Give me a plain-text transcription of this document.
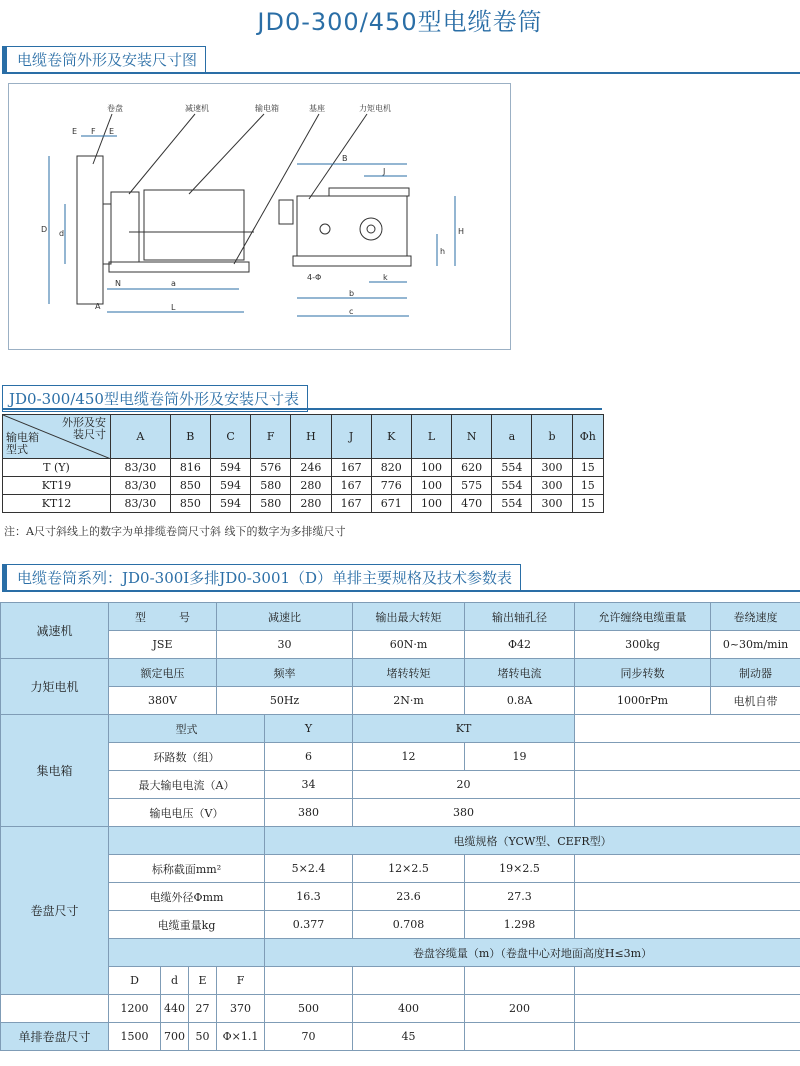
JD0-300/450型电缆卷筒
电缆卷筒外形及安装尺寸图
卷盘	减速机	输电箱	基座	力矩电机
E F E
D d
A
N	a
L
B
J
H
h
4-Φ	k
b
c
JD0-300/450型电缆卷筒外形及安装尺寸表
外形及安
装尺寸
输电箱
型式	A	B	C	F	H	J	K	L	N	a	b	Φh
T (Y)	83/30	816	594	576	246	167	820	100	620	554	300	15
KT19	83/30	850	594	580	280	167	776	100	575	554	300	15
KT12	83/30	850	594	580	280	167	671	100	470	554	300	15
注：A尺寸斜线上的数字为单排缆卷筒尺寸斜 线下的数字为多排缆尺寸
电缆卷筒系列：JD0-300Ⅰ多排JD0-3001（D）单排主要规格及技术参数表
减速机	型　　　号			减速比		输出最大转矩	输出轴孔径	允许缠绕电缆重量	卷绕速度
	JSE			30		60N·m	Φ42	300kg	0~30m/min
力矩电机	额定电压			频率		堵转转矩	堵转电流	同步转数	制动器
	380V			50Hz		2N·m	0.8A	1000rPm	电机自带
集电箱	型式				Y	KT			
	环路数（组）				6	12	19		
	最大输电电流（A）				34	20			
	输电电压（V）				380	380			
卷盘尺寸					电缆规格（YCW型、CEFR型）				
	标称截面mm²				5×2.4	12×2.5	19×2.5		
	电缆外径Φmm				16.3	23.6	27.3		
	电缆重量kg				0.377	0.708	1.298		
					卷盘容缆量（m）（卷盘中心对地面高度H≤3m）				
	D	d	E	F					
	1200	440	27	370	500	400	200		
单排卷盘尺寸	1500	700	50	Φ×1.1	70	45			
